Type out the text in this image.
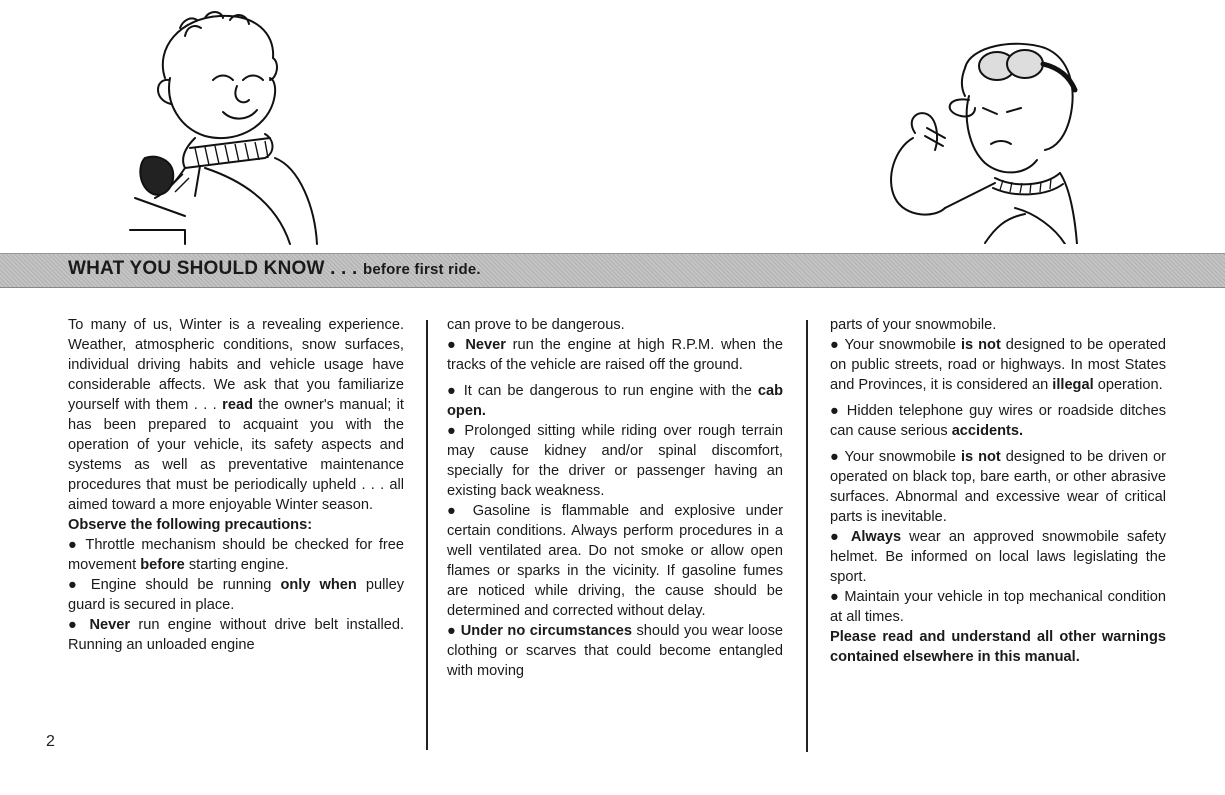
WHAT YOU SHOULD KNOW . . . before first ride.

To many of us, Winter is a revealing experience. Weather, atmospheric conditions, snow surfaces, individual driving habits and vehicle usage have considerable affects. We ask that you familiarize yourself with them . . . read the owner's manual; it has been prepared to acquaint you with the operation of your vehicle, its safety aspects and systems as well as preventative maintenance procedures that must be periodically upheld . . . all aimed toward a more enjoyable Winter season.

Observe the following precautions:

● Throttle mechanism should be checked for free movement before starting engine.

● Engine should be running only when pulley guard is secured in place.

● Never run engine without drive belt installed. Running an unloaded engine

can prove to be dangerous.

● Never run the engine at high R.P.M. when the tracks of the vehicle are raised off the ground.

● It can be dangerous to run engine with the cab open.

● Prolonged sitting while riding over rough terrain may cause kidney and/or spinal discomfort, specially for the driver or passenger having an existing back weakness.

● Gasoline is flammable and explosive under certain conditions. Always perform procedures in a well ventilated area. Do not smoke or allow open flames or sparks in the vicinity. If gasoline fumes are noticed while driving, the cause should be determined and corrected without delay.

● Under no circumstances should you wear loose clothing or scarves that could become entangled with moving

parts of your snowmobile.

● Your snowmobile is not designed to be operated on public streets, road or highways. In most States and Provinces, it is considered an illegal operation.

● Hidden telephone guy wires or roadside ditches can cause serious accidents.

● Your snowmobile is not designed to be driven or operated on black top, bare earth, or other abrasive surfaces. Abnormal and excessive wear of critical parts is inevitable.

● Always wear an approved snowmobile safety helmet. Be informed on local laws legislating the sport.

● Maintain your vehicle in top mechanical condition at all times.

Please read and understand all other warnings contained elsewhere in this manual.

2
